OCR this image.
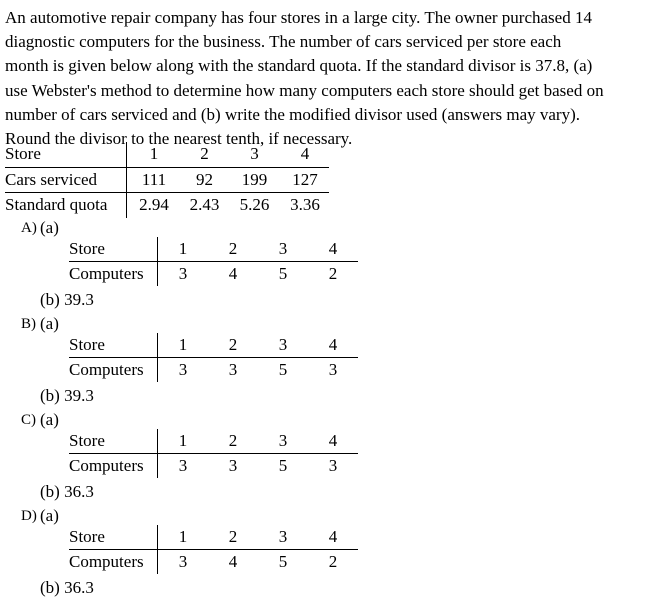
An automotive repair company has four stores in a large city. The owner purchased 14
diagnostic computers for the business. The number of cars serviced per store each
month is given below along with the standard quota. If the standard divisor is 37.8, (a)
use Webster's method to determine how many computers each store should get based on
number of cars serviced and (b) write the modified divisor used (answers may vary).
Round the divisor to the nearest tenth, if necessary.
Store	1	2	3	4
Cars serviced	111	92	199	127
Standard quota	2.94	2.43	5.26	3.36
A) (a)
Store	1	2	3	4
Computers	3	4	5	2
(b) 39.3
B) (a)
Store	1	2	3	4
Computers	3	3	5	3
(b) 39.3
C) (a)
Store	1	2	3	4
Computers	3	3	5	3
(b) 36.3
D) (a)
Store	1	2	3	4
Computers	3	4	5	2
(b) 36.3
